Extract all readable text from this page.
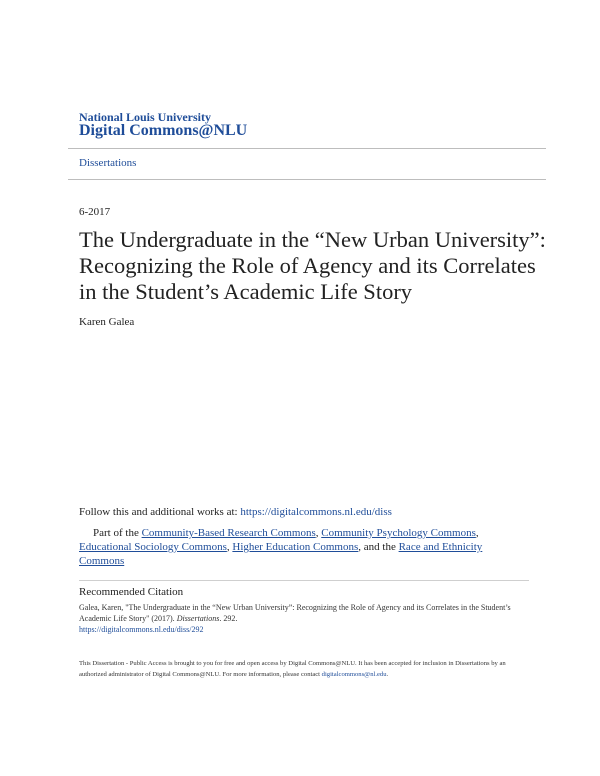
National Louis University
Digital Commons@NLU
Dissertations
6-2017
The Undergraduate in the “New Urban University”: Recognizing the Role of Agency and its Correlates in the Student’s Academic Life Story
Karen Galea
Follow this and additional works at: https://digitalcommons.nl.edu/diss
Part of the Community-Based Research Commons, Community Psychology Commons, Educational Sociology Commons, Higher Education Commons, and the Race and Ethnicity Commons
Recommended Citation
Galea, Karen, "The Undergraduate in the “New Urban University”: Recognizing the Role of Agency and its Correlates in the Student’s Academic Life Story" (2017). Dissertations. 292.
https://digitalcommons.nl.edu/diss/292
This Dissertation - Public Access is brought to you for free and open access by Digital Commons@NLU. It has been accepted for inclusion in Dissertations by an authorized administrator of Digital Commons@NLU. For more information, please contact digitalcommons@nl.edu.
